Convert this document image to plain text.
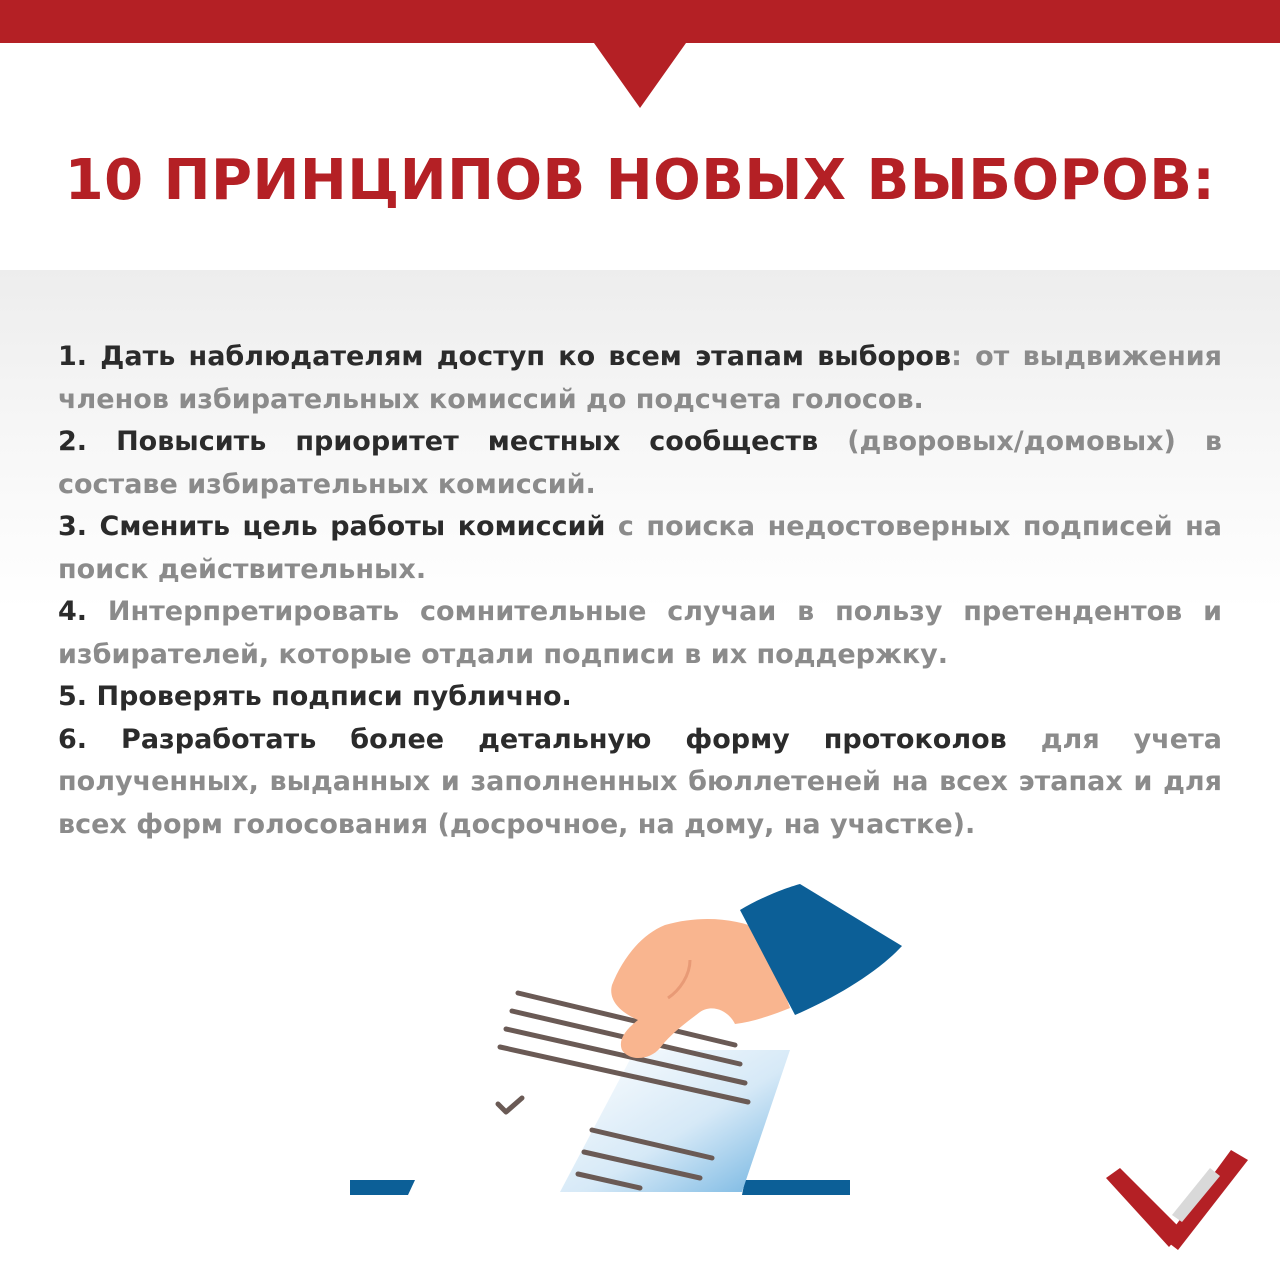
10 ПРИНЦИПОВ НОВЫХ ВЫБОРОВ:

1. Дать наблюдателям доступ ко всем этапам выборов: от выдвижения членов избирательных комиссий до подсчета голосов.

2. Повысить приоритет местных сообществ (дворовых/домовых) в составе избирательных комиссий.

3. Сменить цель работы комиссий с поиска недостоверных подписей на поиск действительных.

4. Интерпретировать сомнительные случаи в пользу претендентов и избирателей, которые отдали подписи в их поддержку.

5. Проверять подписи публично.

6. Разработать более детальную форму протоколов для учета полученных, выданных и заполненных бюллетеней на всех этапах и для всех форм голосования (досрочное, на дому, на участке).
